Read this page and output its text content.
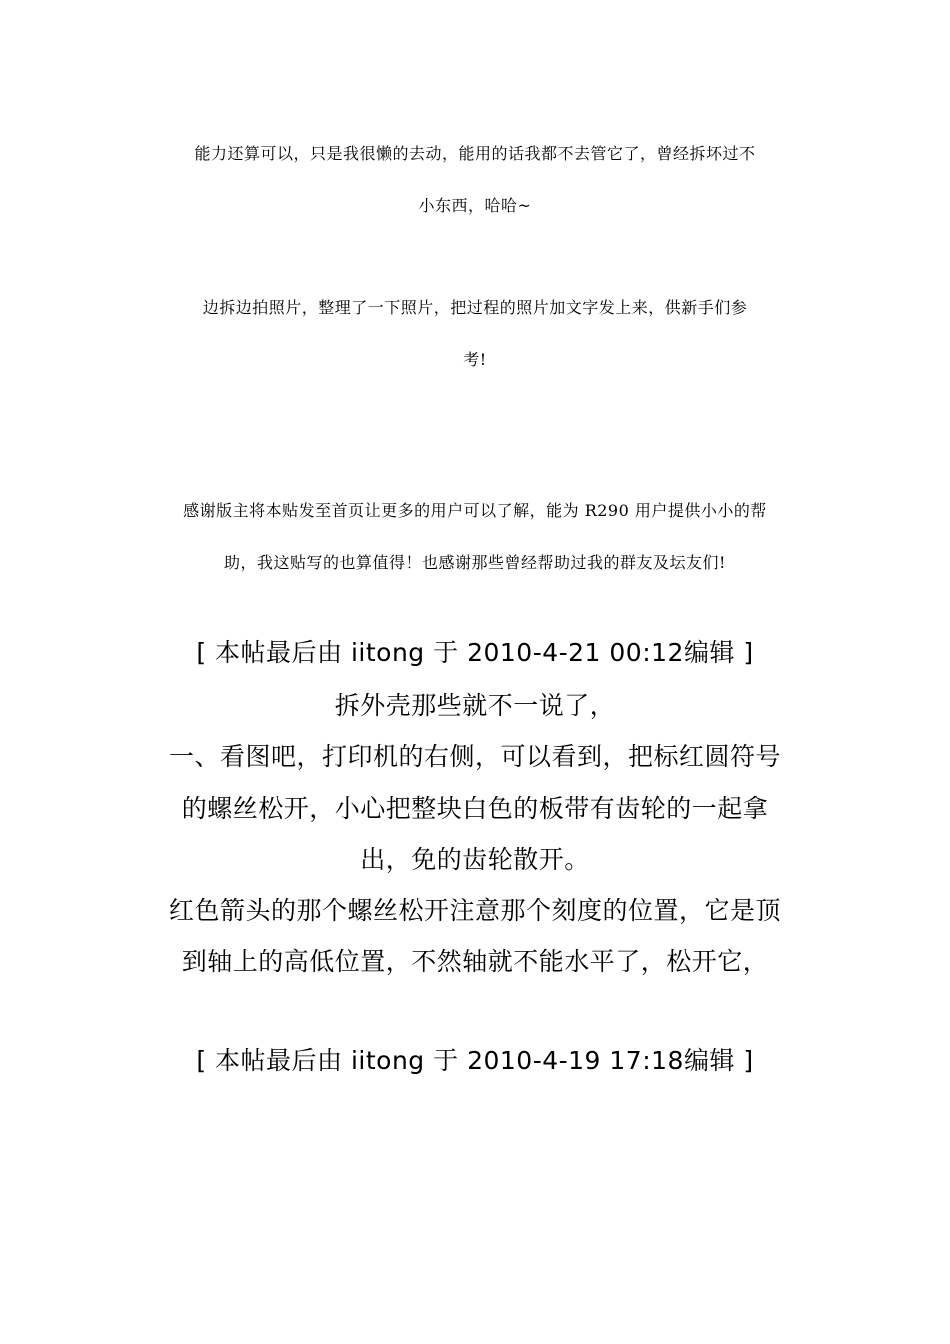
能力还算可以，只是我很懒的去动，能用的话我都不去管它了，曾经拆坏过不
小东西，哈哈~
边拆边拍照片，整理了一下照片，把过程的照片加文字发上来，供新手们参
考!
感谢版主将本贴发至首页让更多的用户可以了解，能为 R290 用户提供小小的帮
助，我这贴写的也算值得！也感谢那些曾经帮助过我的群友及坛友们!
[ 本帖最后由 iitong 于 2010-4-21 00:12编辑 ]
拆外壳那些就不一说了，
一、看图吧，打印机的右侧，可以看到，把标红圆符号
的螺丝松开，小心把整块白色的板带有齿轮的一起拿
出，免的齿轮散开。
红色箭头的那个螺丝松开注意那个刻度的位置，它是顶
到轴上的高低位置，不然轴就不能水平了，松开它，
[ 本帖最后由 iitong 于 2010-4-19 17:18编辑 ]
